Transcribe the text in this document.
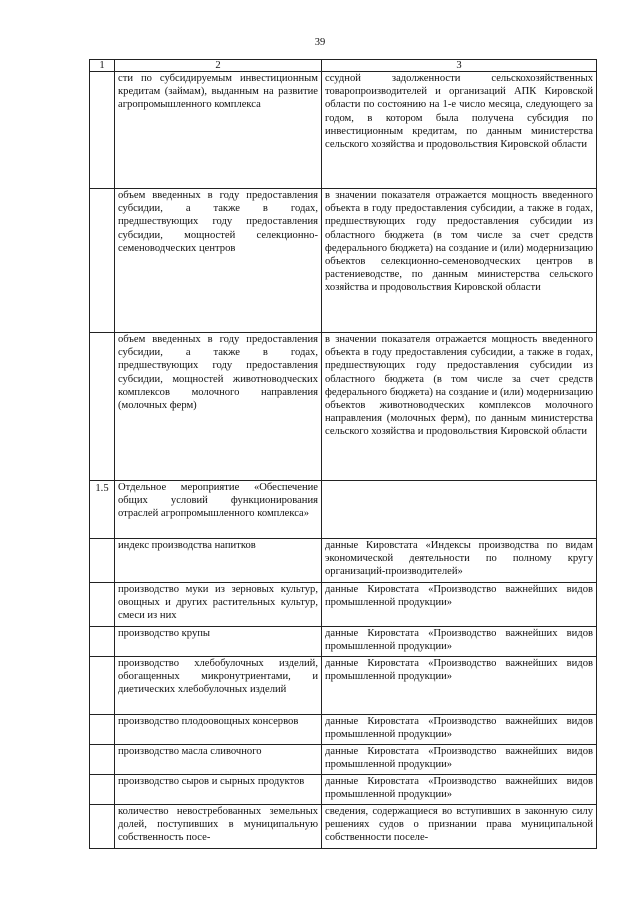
39
1	2	3
	сти по субсидируемым инвестиционным кредитам (займам), выданным на развитие агропромышленного комплекса	ссудной задолженности сельскохозяйственных товаропроизводителей и организаций АПК Кировской области по состоянию на 1-е число месяца, следующего за годом, в котором была получена субсидия по инвестиционным кредитам, по данным министерства сельского хозяйства и продовольствия Кировской области
	объем введенных в году предоставления субсидии, а также в годах, предшествующих году предоставления субсидии, мощностей селекционно-семеноводческих центров	в значении показателя отражается мощность введенного объекта в году предоставления субсидии, а также в годах, предшествующих году предоставления субсидии из областного бюджета (в том числе за счет средств федерального бюджета) на создание и (или) модернизацию объектов селекционно-семеноводческих центров в растениеводстве, по данным министерства сельского хозяйства и продовольствия Кировской области
	объем введенных в году предоставления субсидии, а также в годах, предшествующих году предоставления субсидии, мощностей животноводческих комплексов молочного направления (молочных ферм)	в значении показателя отражается мощность введенного объекта в году предоставления субсидии, а также в годах, предшествующих году предоставления субсидии из областного бюджета (в том числе за счет средств федерального бюджета) на создание и (или) модернизацию объектов животноводческих комплексов молочного направления (молочных ферм), по данным министерства сельского хозяйства и продовольствия Кировской области
1.5	Отдельное мероприятие «Обеспечение общих условий функционирования отраслей агропромышленного комплекса»	
	индекс производства напитков	данные Кировстата «Индексы производства по видам экономической деятельности по полному кругу организаций-производителей»
	производство муки из зерновых культур, овощных и других растительных культур, смеси из них	данные Кировстата «Производство важнейших видов промышленной продукции»
	производство крупы	данные Кировстата «Производство важнейших видов промышленной продукции»
	производство хлебобулочных изделий, обогащенных микронутриентами, и диетических хлебобулочных изделий	данные Кировстата «Производство важнейших видов промышленной продукции»
	производство плодоовощных консервов	данные Кировстата «Производство важнейших видов промышленной продукции»
	производство масла сливочного	данные Кировстата «Производство важнейших видов промышленной продукции»
	производство сыров и сырных продуктов	данные Кировстата «Производство важнейших видов промышленной продукции»
	количество невостребованных земельных долей, поступивших в муниципальную собственность посе-	сведения, содержащиеся во вступивших в законную силу решениях судов о признании права муниципальной собственности поселе-
